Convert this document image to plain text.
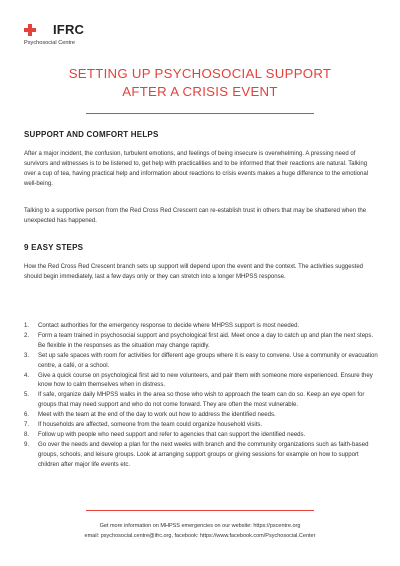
IFRC
Psychosocial Centre
SETTING UP PSYCHOSOCIAL SUPPORT
AFTER A CRISIS EVENT
SUPPORT AND COMFORT HELPS
After a major incident, the confusion, turbulent emotions, and feelings of being insecure is overwhelming. A pressing need of survivors and witnesses is to be listened to, get help with practicalities and to be informed that their reactions are natural. Talking over a cup of tea, having practical help and information about reactions to crisis events makes a huge difference to the emotional well-being.
Talking to a supportive person from the Red Cross Red Crescent can re-establish trust in others that may be shattered when the unexpected has happened.
9 EASY STEPS
How the Red Cross Red Crescent branch sets up support will depend upon the event and the context. The activities suggested should begin immediately, last a few days only or they can stretch into a longer MHPSS response.
1.	Contact authorities for the emergency response to decide where MHPSS support is most needed.
2.	Form a team trained in psychosocial support and psychological first aid. Meet once a day to catch up and plan the next steps. Be flexible in the responses as the situation may change rapidly.
3.	Set up safe spaces with room for activities for different age groups where it is easy to convene. Use a community or evacuation centre, a café, or a school.
4.	Give a quick course on psychological first aid to new volunteers, and pair them with someone more experienced. Ensure they know how to calm themselves when in distress.
5.	If safe, organize daily MHPSS walks in the area so those who wish to approach the team can do so. Keep an eye open for groups that may need support and who do not come forward. They are often the most vulnerable.
6.	Meet with the team at the end of the day to work out how to address the identified needs.
7.	If households are affected, someone from the team could organize household visits.
8.	Follow up with people who need support and refer to agencies that can support the identified needs.
9.	Go over the needs and develop a plan for the next weeks with branch and the community organizations such as faith-based groups, schools, and leisure groups. Look at arranging support groups or giving sessions for example on how to support children after major life events etc.
Get more information on MHPSS emergencies on our website: https://pscentre.org
email: psychosocial.centre@ifrc.org, facebook: https://www.facebook.com/Psychosocial.Center
